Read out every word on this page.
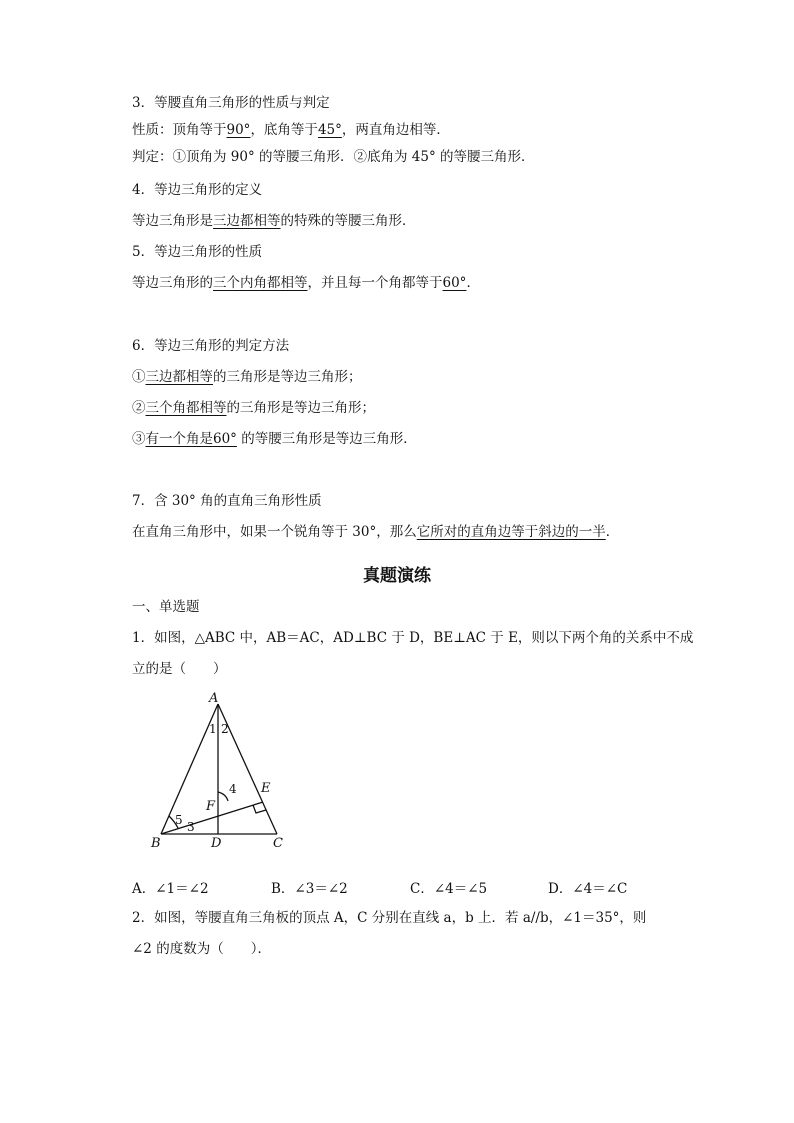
3．等腰直角三角形的性质与判定
性质：顶角等于90°，底角等于45°，两直角边相等．
判定：①顶角为 90° 的等腰三角形．②底角为 45° 的等腰三角形．
4．等边三角形的定义
等边三角形是三边都相等的特殊的等腰三角形．
5．等边三角形的性质
等边三角形的三个内角都相等，并且每一个角都等于60°．
6．等边三角形的判定方法
①三边都相等的三角形是等边三角形；
②三个角都相等的三角形是等边三角形；
③有一个角是60° 的等腰三角形是等边三角形．
7．含 30° 角的直角三角形性质
在直角三角形中，如果一个锐角等于 30°，那么它所对的直角边等于斜边的一半．
真题演练
一、单选题
1．如图，△ABC 中，AB＝AC，AD⊥BC 于 D，BE⊥AC 于 E，则以下两个角的关系中不成
立的是（　　）
A
B	C
D
E
F
1 2
3
4
5
A．∠1＝∠2	B．∠3＝∠2	C．∠4＝∠5	D．∠4＝∠C
2．如图，等腰直角三角板的顶点 A，C 分别在直线 a，b 上．若 a//b，∠1＝35°，则
∠2 的度数为（　　）．
